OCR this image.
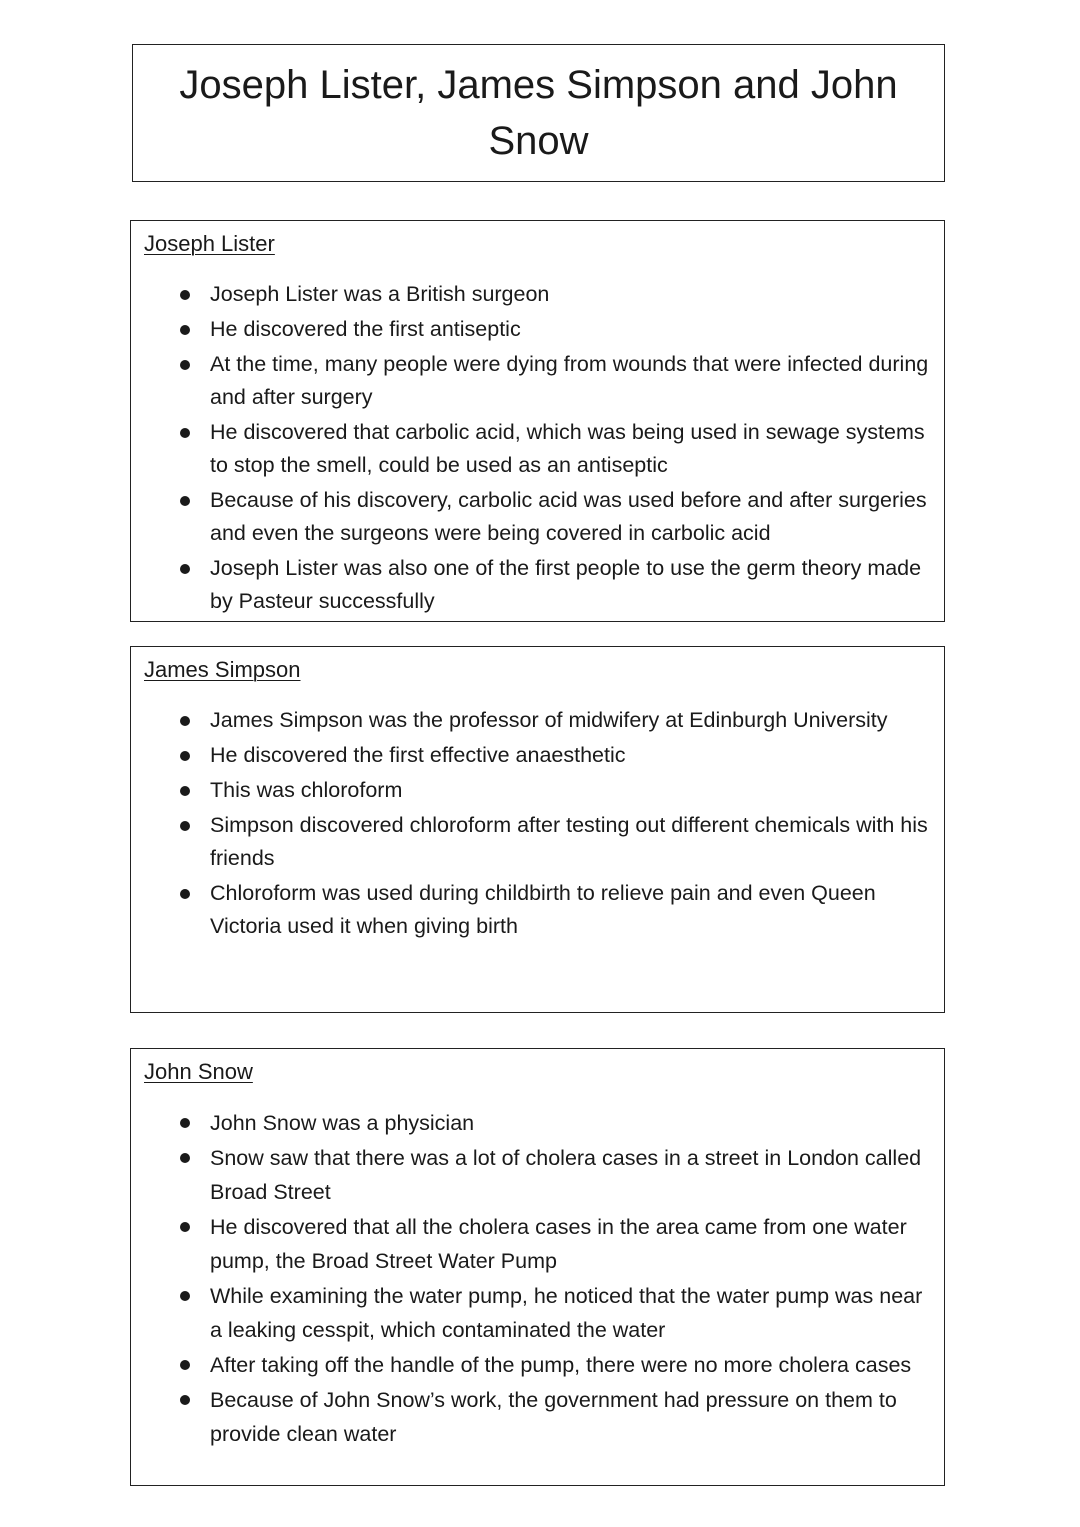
Joseph Lister, James Simpson and John Snow
Joseph Lister
Joseph Lister was a British surgeon
He discovered the first antiseptic
At the time, many people were dying from wounds that were infected during and after surgery
He discovered that carbolic acid, which was being used in sewage systems to stop the smell, could be used as an antiseptic
Because of his discovery, carbolic acid was used before and after surgeries and even the surgeons were being covered in carbolic acid
Joseph Lister was also one of the first people to use the germ theory made by Pasteur successfully
James Simpson
James Simpson was the professor of midwifery at Edinburgh University
He discovered the first effective anaesthetic
This was chloroform
Simpson discovered chloroform after testing out different chemicals with his friends
Chloroform was used during childbirth to relieve pain and even Queen Victoria used it when giving birth
John Snow
John Snow was a physician
Snow saw that there was a lot of cholera cases in a street in London called Broad Street
He discovered that all the cholera cases in the area came from one water pump, the Broad Street Water Pump
While examining the water pump, he noticed that the water pump was near a leaking cesspit, which contaminated the water
After taking off the handle of the pump, there were no more cholera cases
Because of John Snow’s work, the government had pressure on them to provide clean water
